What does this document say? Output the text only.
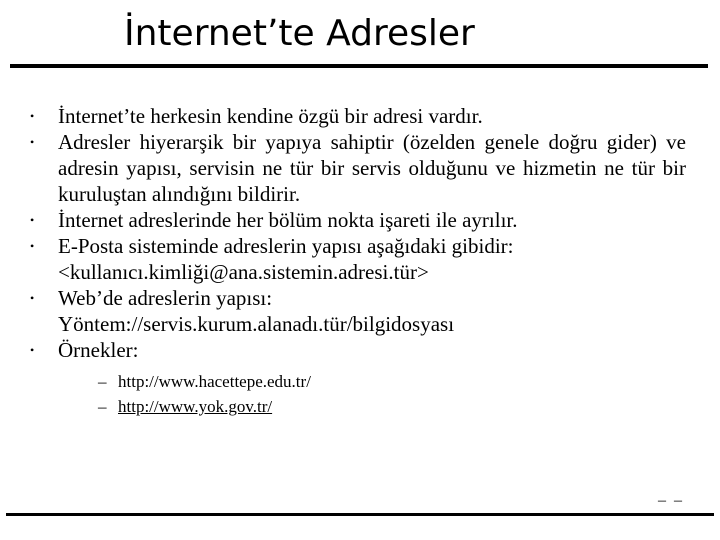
İnternet’te Adresler
• İnternet’te herkesin kendine özgü bir adresi vardır.
• Adresler hiyerarşik bir yapıya sahiptir (özelden genele doğru gider) ve adresin yapısı, servisin ne tür bir servis olduğunu ve hizmetin ne tür bir kuruluştan alındığını bildirir.
• İnternet adreslerinde her bölüm nokta işareti ile ayrılır.
• E-Posta sisteminde adreslerin yapısı aşağıdaki gibidir:
<kullanıcı.kimliği@ana.sistemin.adresi.tür>
• Web’de adreslerin yapısı:
Yöntem://servis.kurum.alanadı.tür/bilgidosyası
• Örnekler:
– http://www.hacettepe.edu.tr/
– http://www.yok.gov.tr/
– –
